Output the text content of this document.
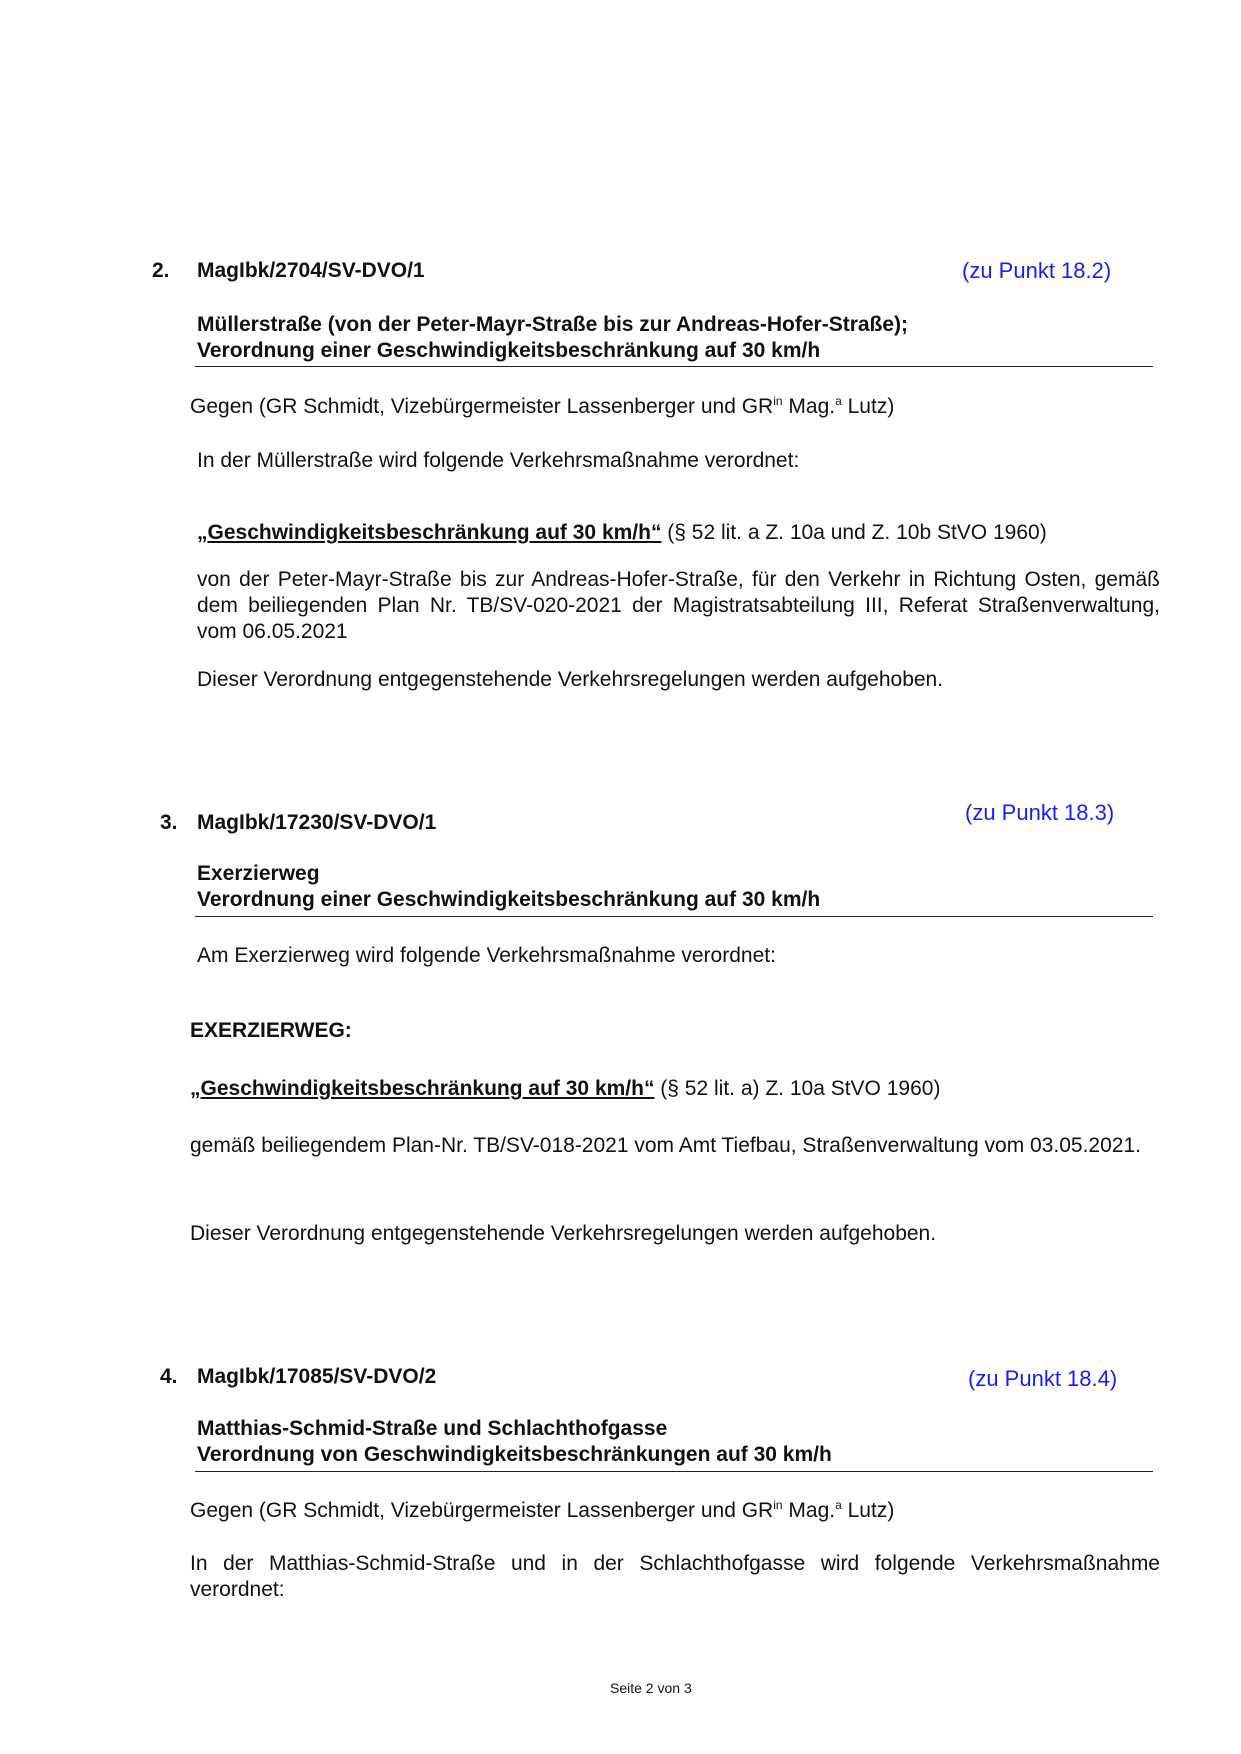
2. MagIbk/2704/SV-DVO/1	(zu Punkt 18.2)
Müllerstraße (von der Peter-Mayr-Straße bis zur Andreas-Hofer-Straße);
Verordnung einer Geschwindigkeitsbeschränkung auf 30 km/h
Gegen (GR Schmidt, Vizebürgermeister Lassenberger und $GR^{in}$ Mag.$^a$ Lutz)
In der Müllerstraße wird folgende Verkehrsmaßnahme verordnet:
„Geschwindigkeitsbeschränkung auf 30 km/h“ (§ 52 lit. a Z. 10a und Z. 10b StVO 1960)
von der Peter-Mayr-Straße bis zur Andreas-Hofer-Straße, für den Verkehr in Richtung Osten, gemäß dem beiliegenden Plan Nr. TB/SV-020-2021 der Magistratsabteilung III, Referat Straßenverwaltung, vom 06.05.2021
Dieser Verordnung entgegenstehende Verkehrsregelungen werden aufgehoben.
3. MagIbk/17230/SV-DVO/1	(zu Punkt 18.3)
Exerzierweg
Verordnung einer Geschwindigkeitsbeschränkung auf 30 km/h
Am Exerzierweg wird folgende Verkehrsmaßnahme verordnet:
EXERZIERWEG:
„Geschwindigkeitsbeschränkung auf 30 km/h“ (§ 52 lit. a) Z. 10a StVO 1960)
gemäß beiliegendem Plan-Nr. TB/SV-018-2021 vom Amt Tiefbau, Straßenverwaltung vom 03.05.2021.
Dieser Verordnung entgegenstehende Verkehrsregelungen werden aufgehoben.
4. MagIbk/17085/SV-DVO/2	(zu Punkt 18.4)
Matthias-Schmid-Straße und Schlachthofgasse
Verordnung von Geschwindigkeitsbeschränkungen auf 30 km/h
Gegen (GR Schmidt, Vizebürgermeister Lassenberger und $GR^{in}$ Mag.$^a$ Lutz)
In der Matthias-Schmid-Straße und in der Schlachthofgasse wird folgende Verkehrsmaßnahme verordnet:
Seite 2 von 3
